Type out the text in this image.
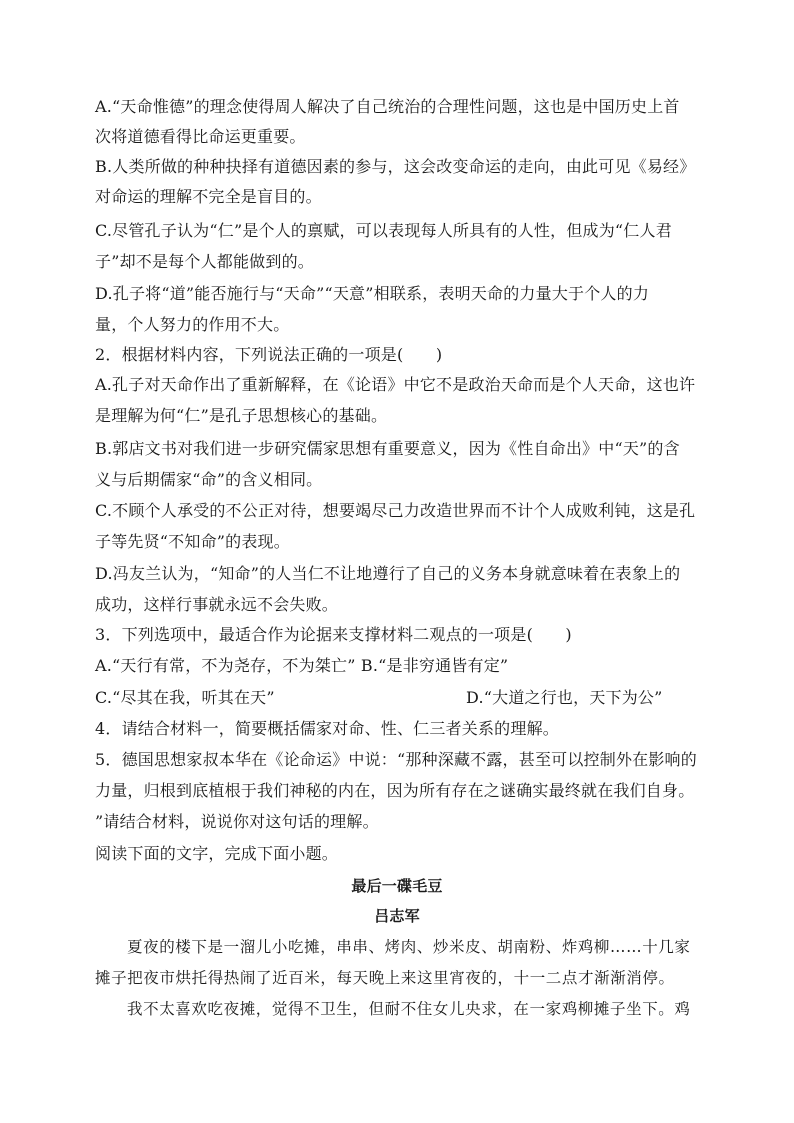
A.“天命惟德”的理念使得周人解决了自己统治的合理性问题，这也是中国历史上首
次将道德看得比命运更重要。
B.人类所做的种种抉择有道德因素的参与，这会改变命运的走向，由此可见《易经》
对命运的理解不完全是盲目的。
C.尽管孔子认为“仁”是个人的禀赋，可以表现每人所具有的人性，但成为“仁人君
子”却不是每个人都能做到的。
D.孔子将“道”能否施行与“天命”“天意”相联系，表明天命的力量大于个人的力
量，个人努力的作用不大。
2．根据材料内容，下列说法正确的一项是(　　)
A.孔子对天命作出了重新解释，在《论语》中它不是政治天命而是个人天命，这也许
是理解为何“仁”是孔子思想核心的基础。
B.郭店文书对我们进一步研究儒家思想有重要意义，因为《性自命出》中“天”的含
义与后期儒家“命”的含义相同。
C.不顾个人承受的不公正对待，想要竭尽己力改造世界而不计个人成败利钝，这是孔
子等先贤“不知命”的表现。
D.冯友兰认为，“知命”的人当仁不让地遵行了自己的义务本身就意味着在表象上的
成功，这样行事就永远不会失败。
3．下列选项中，最适合作为论据来支撑材料二观点的一项是(　　)
A.“天行有常，不为尧存，不为桀亡” B.“是非穷通皆有定”
C.“尽其在我，听其在天”	D.“大道之行也，天下为公”
4．请结合材料一，简要概括儒家对命、性、仁三者关系的理解。
5．德国思想家叔本华在《论命运》中说：“那种深藏不露，甚至可以控制外在影响的
力量，归根到底植根于我们神秘的内在，因为所有存在之谜确实最终就在我们自身。
”请结合材料，说说你对这句话的理解。
阅读下面的文字，完成下面小题。
最后一碟毛豆
吕志军
夏夜的楼下是一溜儿小吃摊，串串、烤肉、炒米皮、胡南粉、炸鸡柳……十几家
摊子把夜市烘托得热闹了近百米，每天晚上来这里宵夜的，十一二点才渐渐消停。
我不太喜欢吃夜摊，觉得不卫生，但耐不住女儿央求，在一家鸡柳摊子坐下。鸡
